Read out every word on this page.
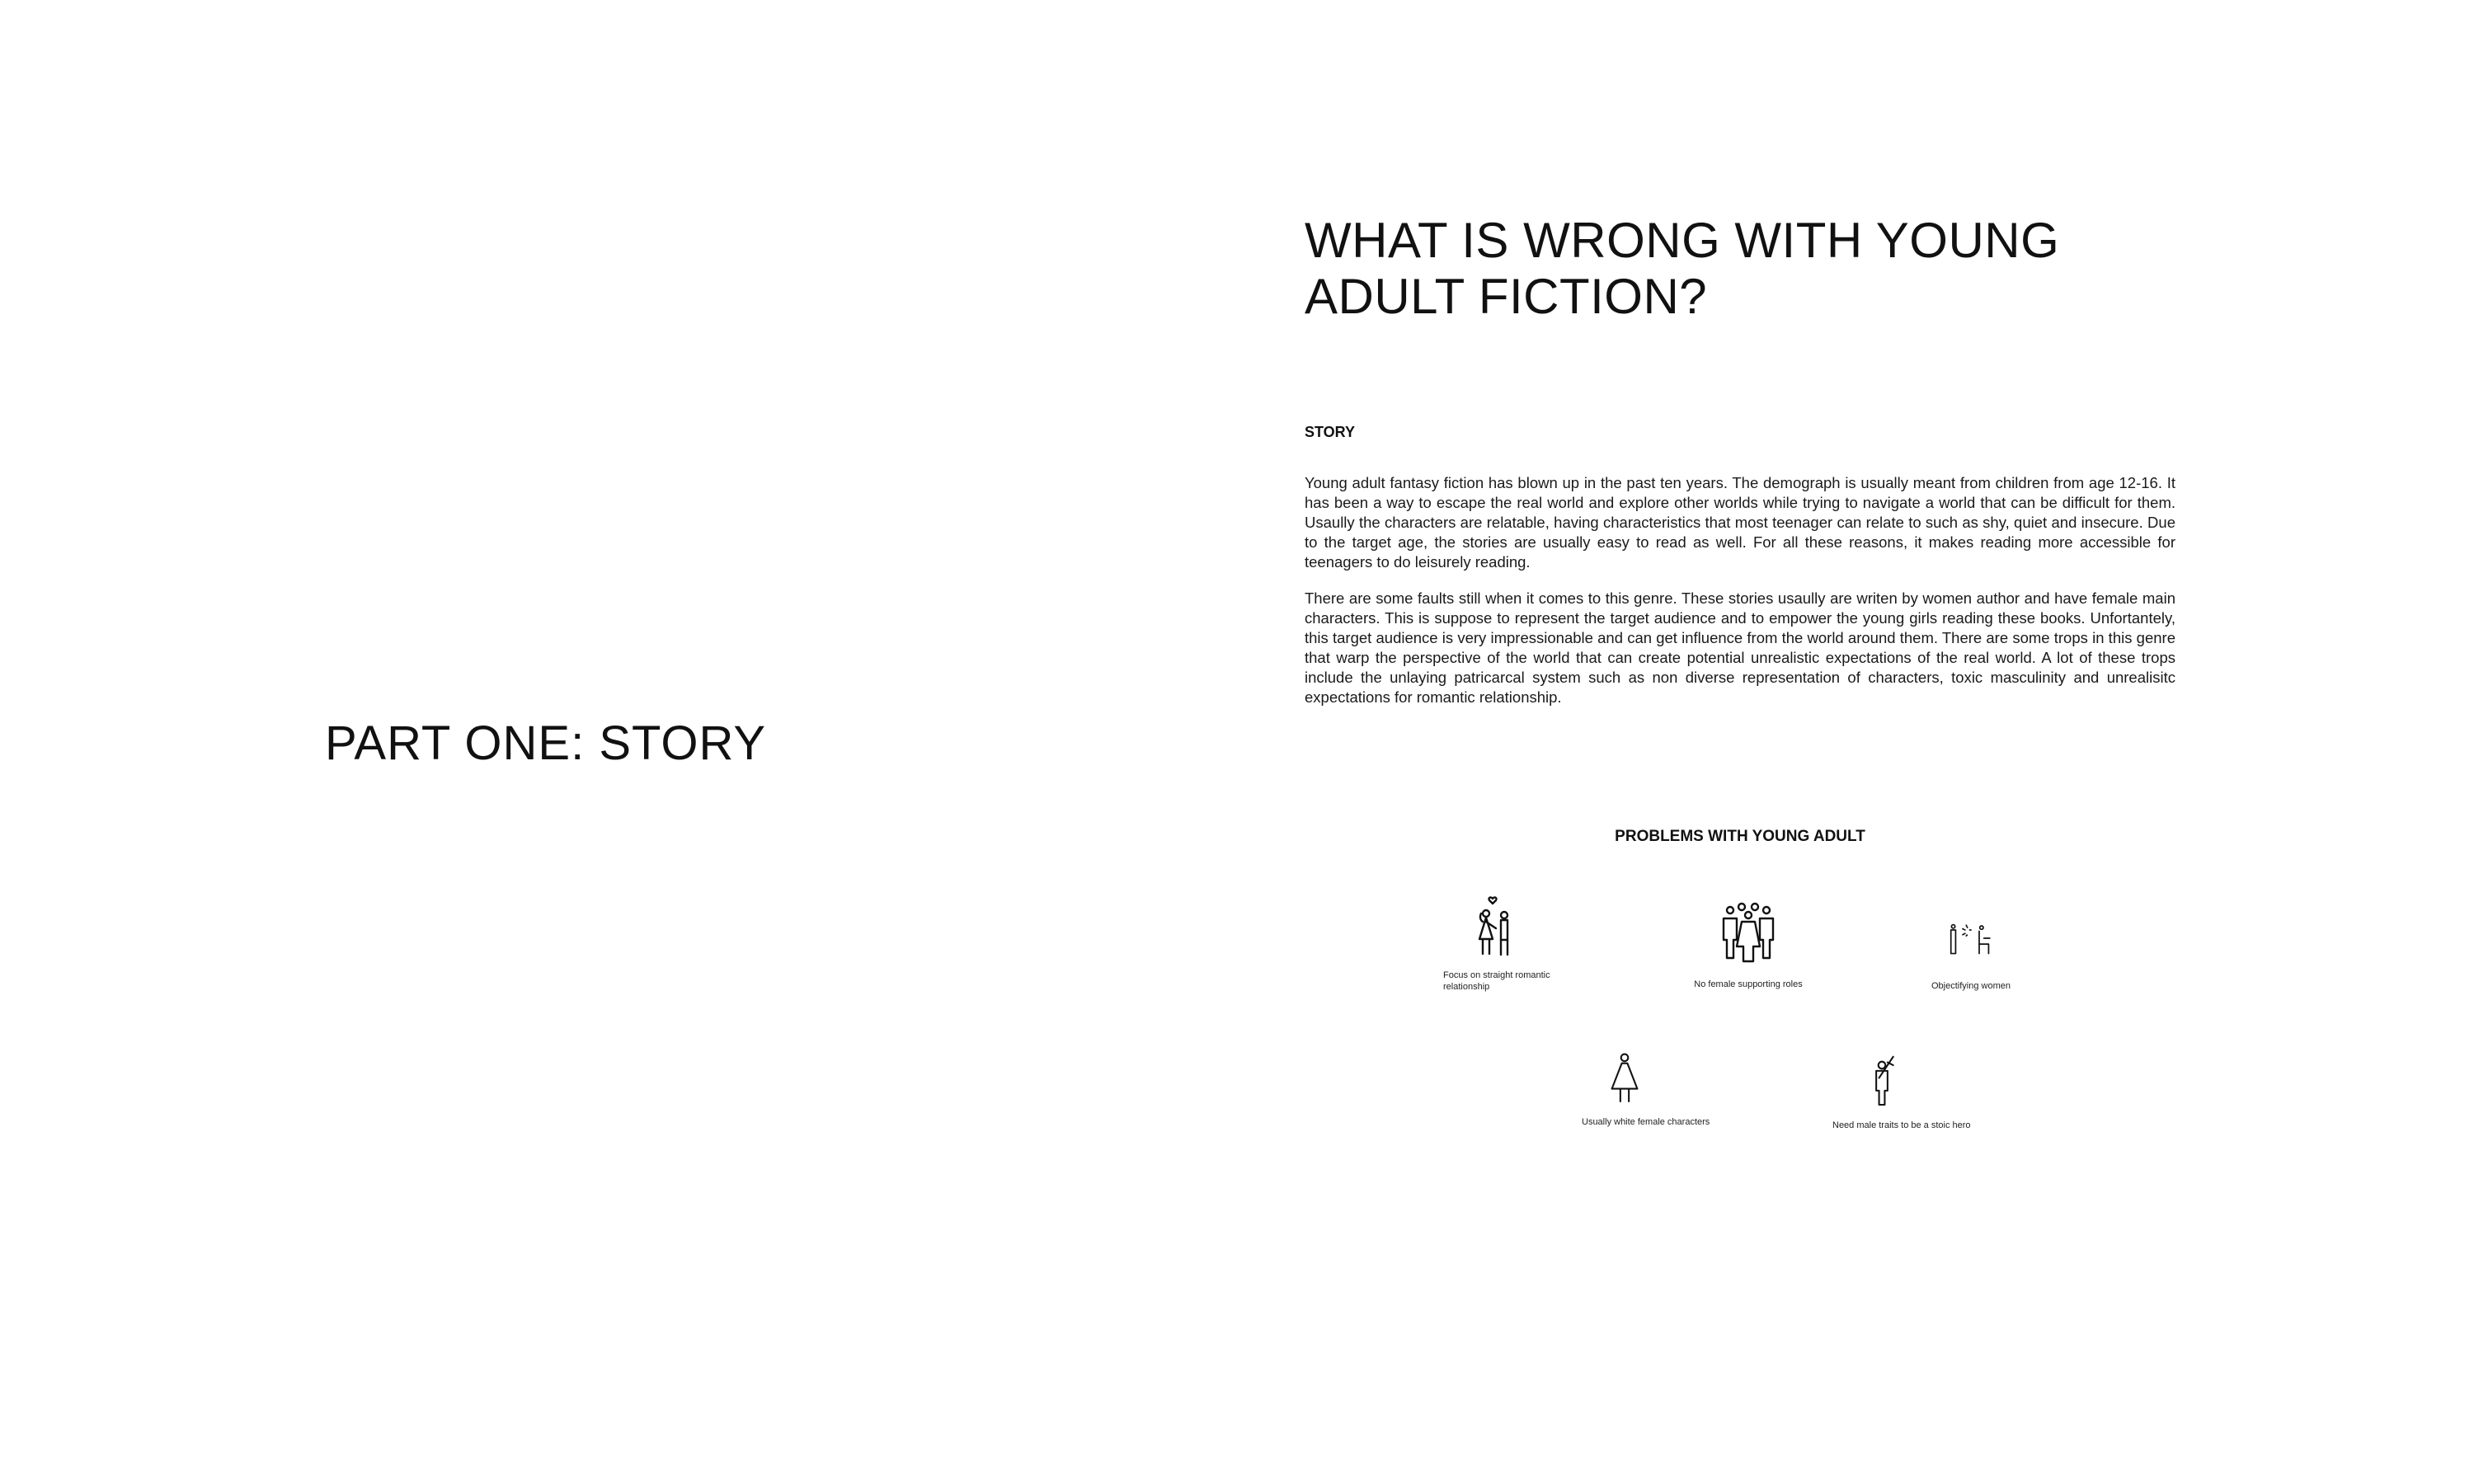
PART ONE: STORY
WHAT IS WRONG WITH YOUNG ADULT FICTION?
STORY

Young adult fantasy fiction has blown up in the past ten years. The demograph is usually meant from children from age 12-16. It has been a way to escape the real world and explore other worlds while trying to navigate a world that can be difficult for them. Usaully the characters are relatable, having characteristics that most teenager can relate to such as shy, quiet and insecure. Due to the target age, the stories are usually easy to read as well. For all these reasons, it makes reading more accessible for teenagers to do leisurely reading.

There are some faults still when it comes to this genre. These stories usaully are writen by women author and have female main characters. This is suppose to represent the target audience and to empower the young girls reading these books. Unfortantely, this target audience is very impressionable and can get influence from the world around them. There are some trops in this genre that warp the perspective of the world that can create potential unrealistic expectations of the real world. A lot of these trops include the unlaying patricarcal system such as non diverse representation of characters, toxic masculinity and unrealisitc expectations for romantic relationship.

PROBLEMS WITH YOUNG ADULT
Focus on straight romantic relationship	No female supporting roles	Objectifying women
Usually white female characters	Need male traits to be a stoic hero
